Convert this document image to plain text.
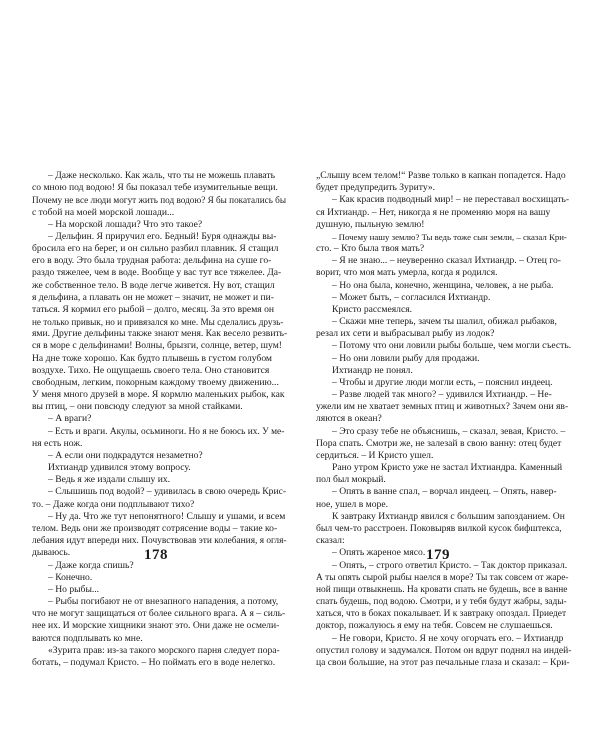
– Даже несколько. Как жаль, что ты не можешь плавать
со мною под водою! Я бы показал тебе изумительные вещи.
Почему не все люди могут жить под водою? Я бы покатались бы
с тобой на моей морской лошади...
– На морской лошади? Что это такое?
– Дельфин. Я приручил его. Бедный! Буря однажды вы-
бросила его на берег, и он сильно разбил плавник. Я стащил
его в воду. Это была трудная работа: дельфина на суше го-
раздо тяжелее, чем в воде. Вообще у вас тут все тяжелее. Да-
же собственное тело. В воде легче живется. Ну вот, стащил
я дельфина, а плавать он не может – значит, не может и пи-
таться. Я кормил его рыбой – долго, месяц. За это время он
не только привык, но и привязался ко мне. Мы сделались друзь-
ями. Другие дельфины также знают меня. Как весело резвить-
ся в море с дельфинами! Волны, брызги, солнце, ветер, шум!
На дне тоже хорошо. Как будто плывешь в густом голубом
воздухе. Тихо. Не ощущаешь своего тела. Оно становится
свободным, легким, покорным каждому твоему движению...
У меня много друзей в море. Я кормлю маленьких рыбок, как
вы птиц, – они повсюду следуют за мной стайками.
– А враги?
– Есть и враги. Акулы, осьминоги. Но я не боюсь их. У ме-
ня есть нож.
– А если они подкрадутся незаметно?
Ихтиандр удивился этому вопросу.
– Ведь я же издали слышу их.
– Слышишь под водой? – удивилась в свою очередь Крис-
то. – Даже когда они подплывают тихо?
– Ну да. Что же тут непонятного! Слышу и ушами, и всем
телом. Ведь они же производят сотрясение воды – такие ко-
лебания идут впереди них. Почувствовав эти колебания, я огля-
дываюсь.
– Даже когда спишь?
– Конечно.
– Но рыбы...
– Рыбы погибают не от внезапного нападения, а потому,
что не могут защищаться от более сильного врага. А я – силь-
нее их. И морские хищники знают это. Они даже не осмели-
ваются подплывать ко мне.
«Зурита прав: из-за такого морского парня следует пора-
ботать, – подумал Кристо. – Но поймать его в воде нелегко.
„Слышу всем телом!“ Разве только в капкан попадется. Надо
будет предупредить Зуриту».
– Как красив подводный мир! – не переставал восхищать-
ся Ихтиандр. – Нет, никогда я не променяю моря на вашу
душную, пыльную землю!
– Почему нашу землю? Ты ведь тоже сын земли, – сказал Кри-
сто. – Кто была твоя мать?
– Я не знаю... – неуверенно сказал Ихтиандр. – Отец го-
ворит, что моя мать умерла, когда я родился.
– Но она была, конечно, женщина, человек, а не рыба.
– Может быть, – согласился Ихтиандр.
Кристо рассмеялся.
– Скажи мне теперь, зачем ты шалил, обижал рыбаков,
резал их сети и выбрасывал рыбу из лодок?
– Потому что они ловили рыбы больше, чем могли съесть.
– Но они ловили рыбу для продажи.
Ихтиандр не понял.
– Чтобы и другие люди могли есть, – пояснил индеец.
– Разве людей так много? – удивился Ихтиандр. – Не-
ужели им не хватает земных птиц и животных? Зачем они яв-
ляются в океан?
– Это сразу тебе не объяснишь, – сказал, зевая, Кристо. –
Пора спать. Смотри же, не залезай в свою ванну: отец будет
сердиться. – И Кристо ушел.
Рано утром Кристо уже не застал Ихтиандра. Каменный
пол был мокрый.
– Опять в ванне спал, – ворчал индеец. – Опять, навер-
ное, ушел в море.
К завтраку Ихтиандр явился с большим запозданием. Он
был чем-то расстроен. Поковыряв вилкой кусок бифштекса,
сказал:
– Опять жареное мясо.
– Опять, – строго ответил Кристо. – Так доктор приказал.
А ты опять сырой рыбы наелся в море? Ты так совсем от жаре-
ной пищи отвыкнешь. На кровати спать не будешь, все в ванне
спать будешь, под водою. Смотри, и у тебя будут жабры, зады-
хаться, что в боках покалывает. И к завтраку опоздал. Приедет
доктор, пожалуюсь я ему на тебя. Совсем не слушаешься.
– Не говори, Кристо. Я не хочу огорчать его. – Ихтиандр
опустил голову и задумался. Потом он вдруг поднял на индей-
ца свои большие, на этот раз печальные глаза и сказал: – Кри-
178	179
